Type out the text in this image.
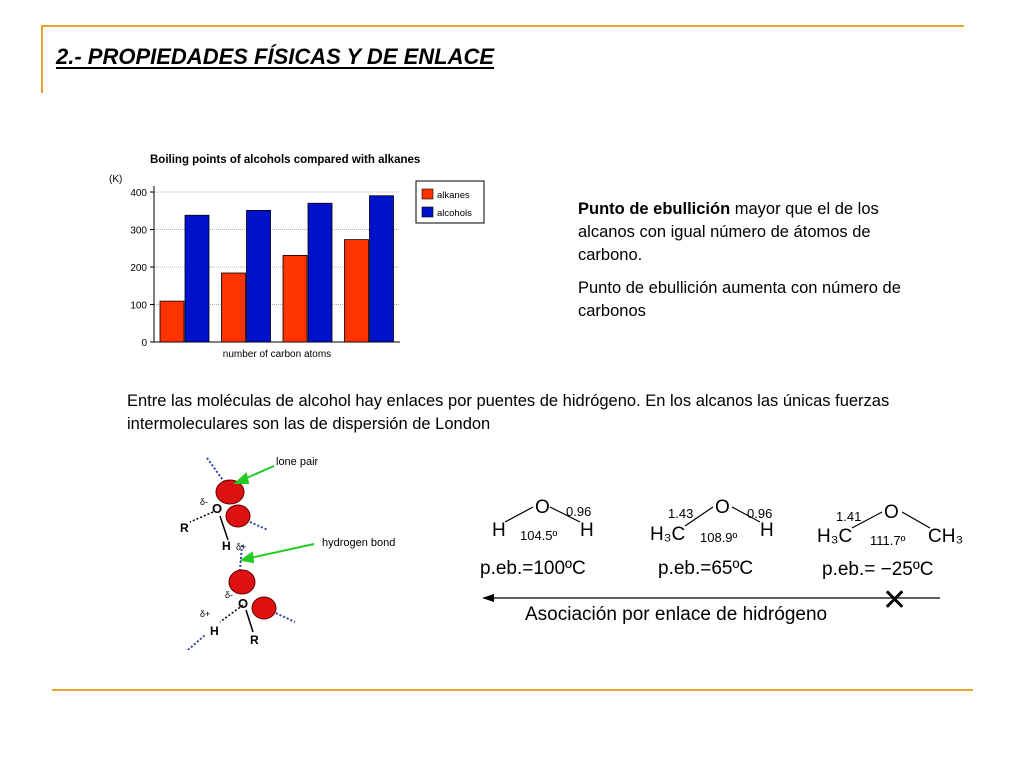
2.- PROPIEDADES FÍSICAS Y DE ENLACE
Boiling points of alcohols compared with alkanes
(K)
0
100
200
300
400
number of carbon atoms
alkanes
alcohols	Punto de ebullición mayor que el de los alcanos con igual número de átomos de carbono.

Punto de ebullición aumenta con número de carbonos

Entre las moléculas de alcohol hay enlaces por puentes de hidrógeno. En los alcanos las únicas fuerzas intermoleculares son las de dispersión de London
O
R
H
O
H
R
δ-
δ+
δ-
δ+
lone pair
hydrogen bond
O
H	H
0.96
104.5º
p.eb.=100ºC
O
H₃C	H
1.43	0.96
108.9º
p.eb.=65ºC
O
H₃C	CH₃
1.41
111.7º
p.eb.= −25ºC
Asociación por enlace de hidrógeno ✕
